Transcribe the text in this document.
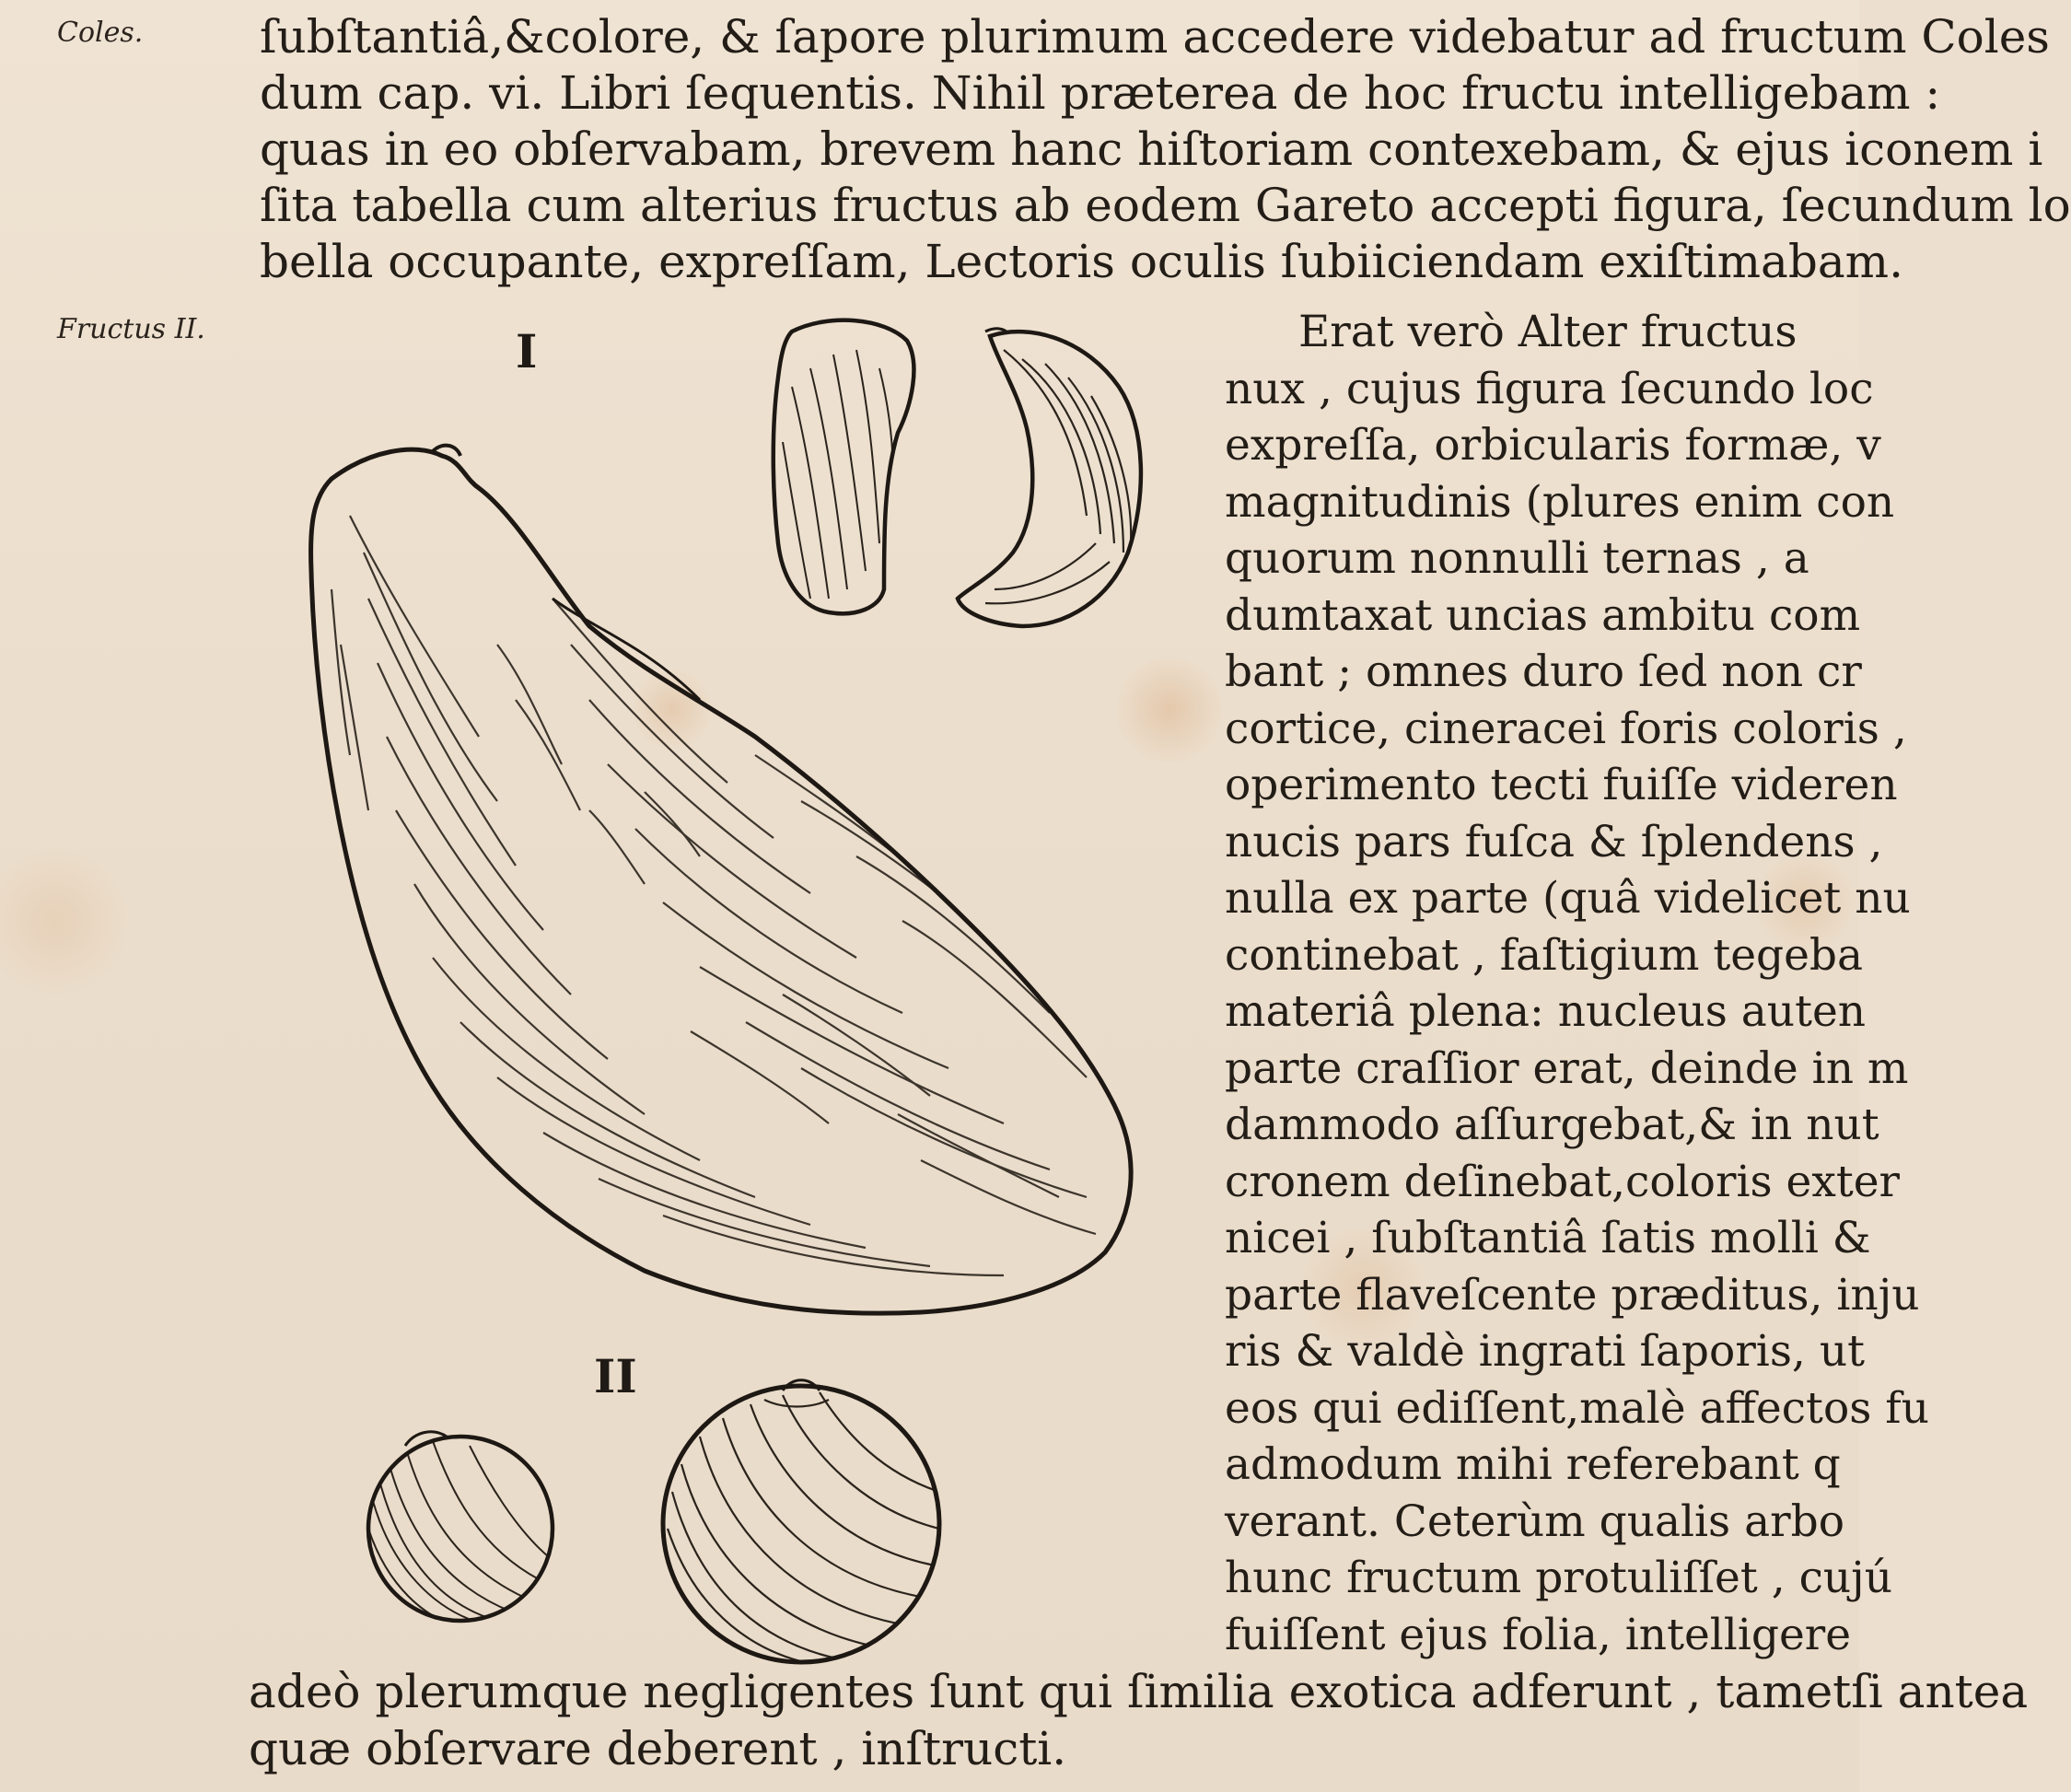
Coles.
Fructus II.
ſubſtantiâ,&colore, & ſapore plurimum accedere videbatur ad fructum Coles
dum cap. vi. Libri ſequentis. Nihil præterea de hoc fructu intelligebam :
quas in eo obſervabam, brevem hanc hiſtoriam contexebam, & ejus iconem i
ſita tabella cum alterius fructus ab eodem Gareto accepti figura, ſecundum lo
bella occupante, expreſſam, Lectoris oculis ſubiiciendam exiſtimabam.
I
II
Erat verò Alter fructus
nux , cujus figura ſecundo loc
expreſſa, orbicularis formæ, v
magnitudinis (plures enim con
quorum nonnulli ternas , a
dumtaxat uncias ambitu com
bant ; omnes duro ſed non cr
cortice, cineracei foris coloris ,
operimento tecti fuiſſe videren
nucis pars fuſca & ſplendens ,
nulla ex parte (quâ videlicet nu
continebat , faſtigium tegeba
materiâ plena: nucleus auten
parte craſſior erat, deinde in m
dammodo aſſurgebat,& in nut
cronem deſinebat,coloris exter
nicei , ſubſtantiâ ſatis molli &
parte flaveſcente præditus, inju
ris & valdè ingrati ſaporis, ut
eos qui ediſſent,malè affectos fu
admodum mihi referebant q
verant. Ceterùm qualis arbo
hunc fructum protuliſſet , cujú
fuiſſent ejus folia, intelligere
adeò plerumque negligentes ſunt qui ſimilia exotica adferunt , tametſi antea
quæ obſervare deberent , inſtructi.
